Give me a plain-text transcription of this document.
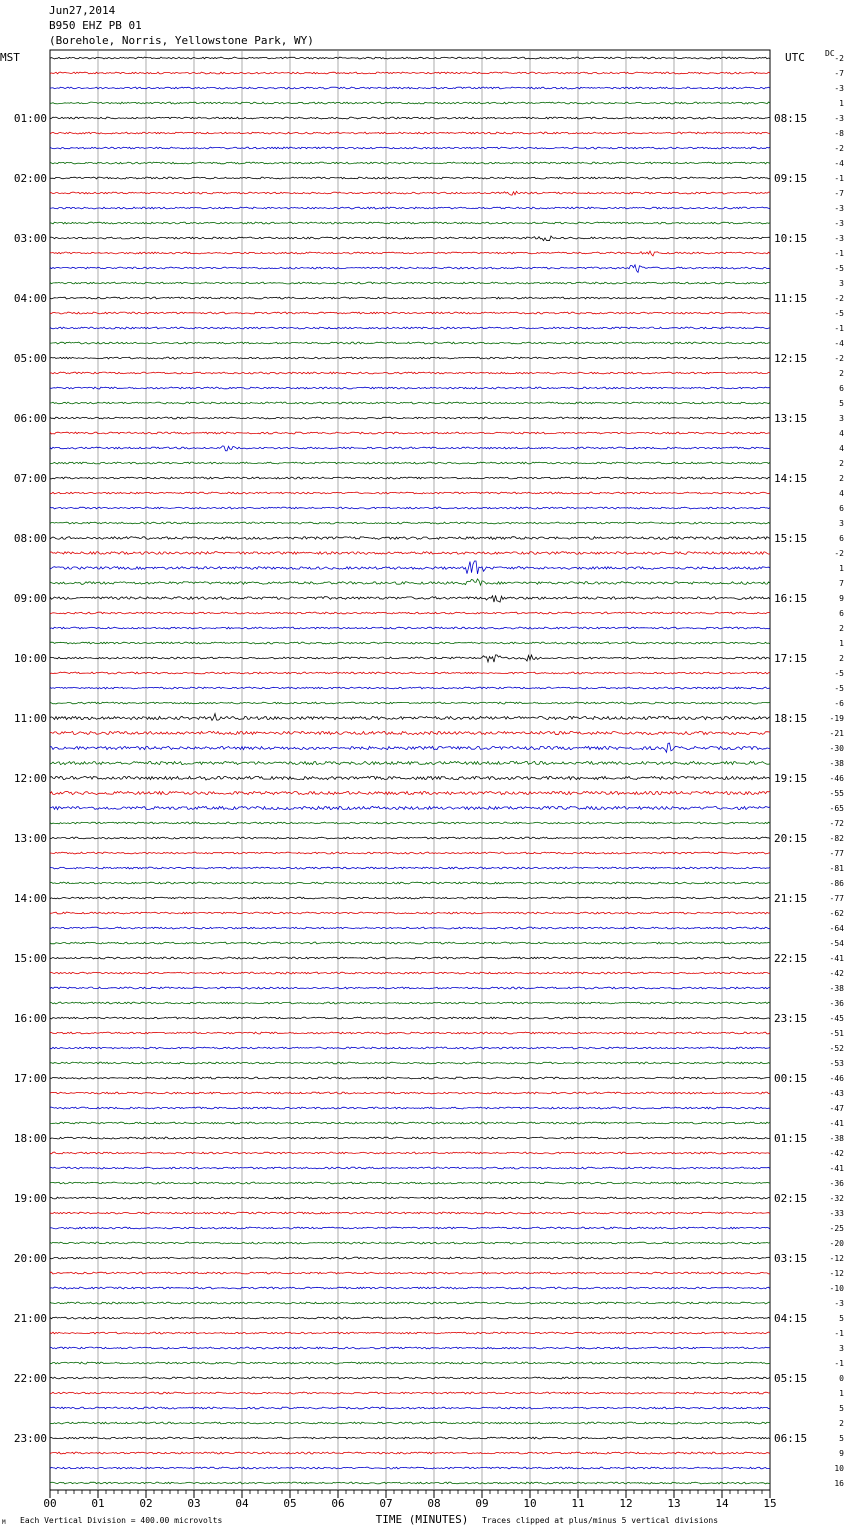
Jun27,2014
B950 EHZ PB 01
(Borehole, Norris, Yellowstone Park, WY)
-2
-7
-3
1
-3
-8
-2
-4
-1
-7
-3
-3
-3
-1
-5
3
-2
-5
-1
-4
-2
2
6
5
3
4
4
2
2
4
6
3
6
-2
1
7
9
6
2
1
2
-5
-5
-6
-19
-21
-30
-38
-46
-55
-65
-72
-82
-77
-81
-86
-77
-62
-64
-54
-41
-42
-38
-36
-45
-51
-52
-53
-46
-43
-47
-41
-38
-42
-41
-36
-32
-33
-25
-20
-12
-12
-10
-3
5
-1
3
-1
0
1
5
2
5
9
10
16
MST	UTC	DC
01:00
02:00
03:00
04:00
05:00
06:00
07:00
08:00
09:00
10:00
11:00
12:00
13:00
14:00
15:00
16:00
17:00
18:00
19:00
20:00
21:00
22:00
23:00
08:15
09:15
10:15
11:15
12:15
13:15
14:15
15:15
16:15
17:15
18:15
19:15
20:15
21:15
22:15
23:15
00:15
01:15
02:15
03:15
04:15
05:15
06:15
00	01	02	03	04	05	06	07	08	09	10	11	12	13	14	15
M Each Vertical Division = 400.00 microvolts	TIME (MINUTES) Traces clipped at plus/minus 5 vertical divisions
